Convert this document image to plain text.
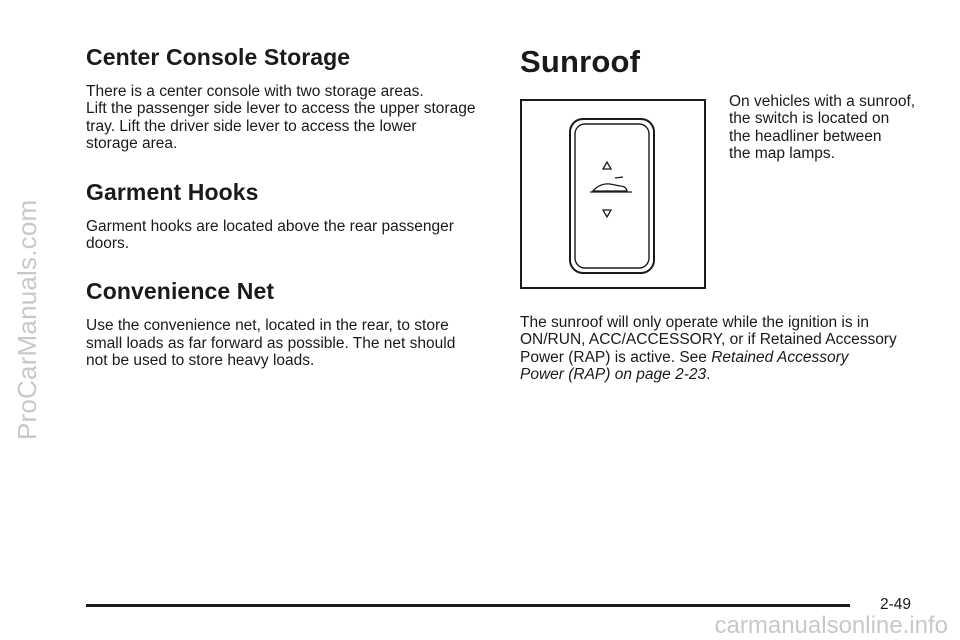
ProCarManuals.com
carmanualsonline.info
Center Console Storage

There is a center console with two storage areas.
Lift the passenger side lever to access the upper storage
tray. Lift the driver side lever to access the lower
storage area.

Garment Hooks

Garment hooks are located above the rear passenger
doors.

Convenience Net

Use the convenience net, located in the rear, to store
small loads as far forward as possible. The net should
not be used to store heavy loads.

Sunroof

On vehicles with a sunroof,
the switch is located on
the headliner between
the map lamps.

The sunroof will only operate while the ignition is in
ON/RUN, ACC/ACCESSORY, or if Retained Accessory
Power (RAP) is active. See Retained Accessory
Power (RAP) on page 2-23.

2-49
